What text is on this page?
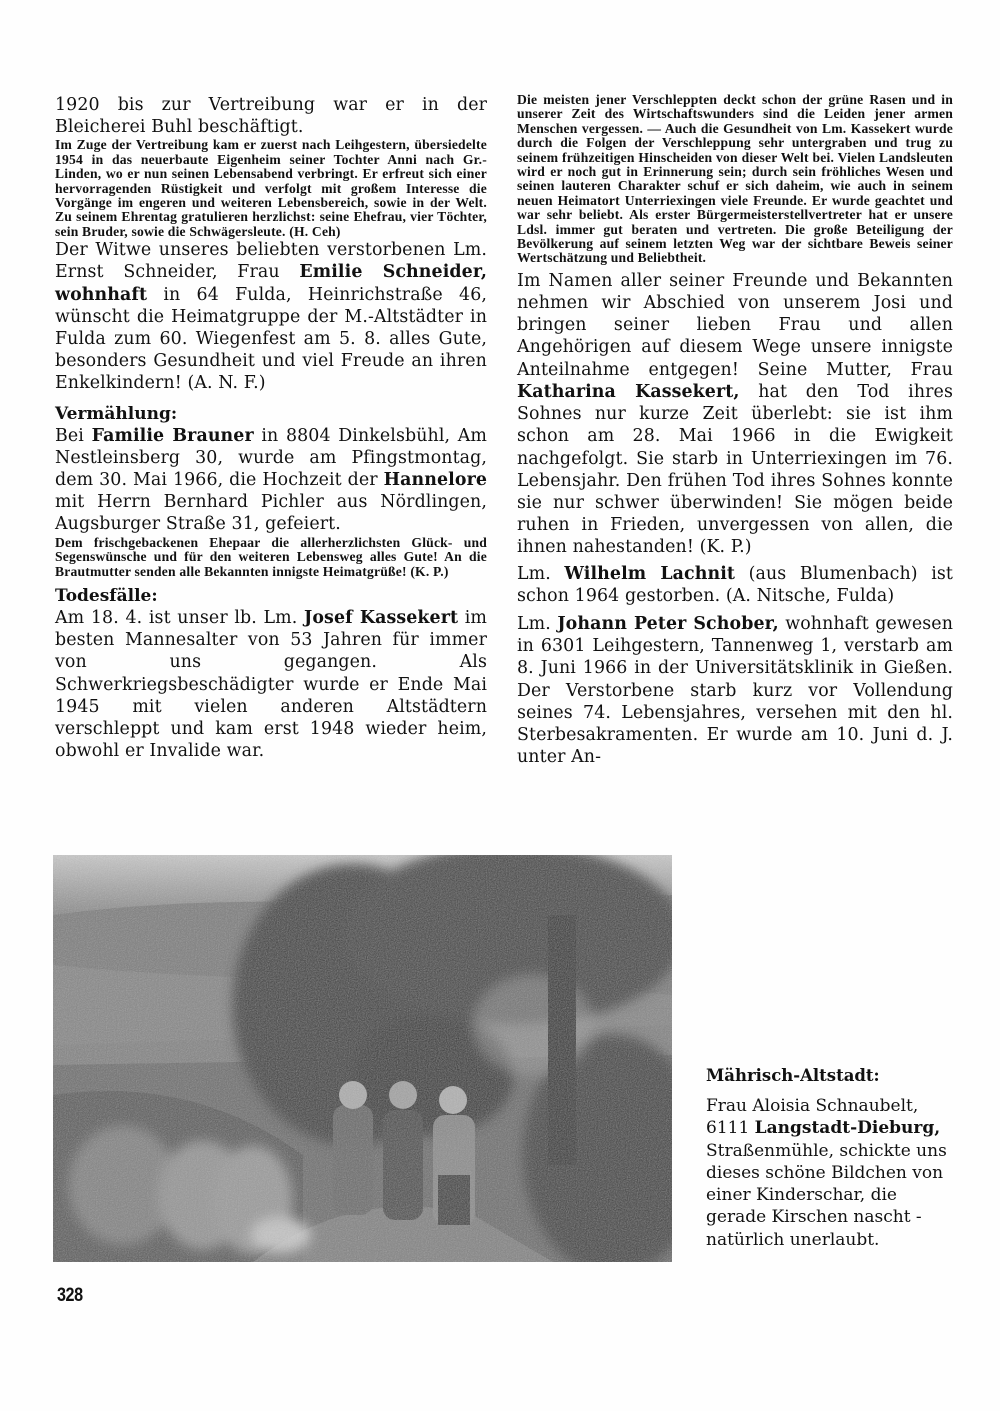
1920 bis zur Vertreibung war er in der Bleicherei Buhl beschäftigt.

Im Zuge der Vertreibung kam er zuerst nach Leihgestern, übersiedelte 1954 in das neuerbaute Eigenheim seiner Tochter Anni nach Gr.-Linden, wo er nun seinen Lebensabend verbringt. Er erfreut sich einer hervorragenden Rüstigkeit und verfolgt mit großem Interesse die Vorgänge im engeren und weiteren Lebensbereich, sowie in der Welt. Zu seinem Ehrentag gratulieren herzlichst: seine Ehefrau, vier Töchter, sein Bruder, sowie die Schwägersleute. (H. Ceh)

Der Witwe unseres beliebten verstorbenen Lm. Ernst Schneider, Frau Emilie Schneider, wohnhaft in 64 Fulda, Heinrichstraße 46, wünscht die Heimatgruppe der M.-Altstädter in Fulda zum 60. Wiegenfest am 5. 8. alles Gute, besonders Gesundheit und viel Freude an ihren Enkelkindern! (A. N. F.)

Vermählung:

Bei Familie Brauner in 8804 Dinkelsbühl, Am Nestleinsberg 30, wurde am Pfingstmontag, dem 30. Mai 1966, die Hochzeit der Hannelore mit Herrn Bernhard Pichler aus Nördlingen, Augsburger Straße 31, gefeiert.

Dem frischgebackenen Ehepaar die allerherzlichsten Glück- und Segenswünsche und für den weiteren Lebensweg alles Gute! An die Brautmutter senden alle Bekannten innigste Heimatgrüße! (K. P.)

Todesfälle:

Am 18. 4. ist unser lb. Lm. Josef Kassekert im besten Mannesalter von 53 Jahren für immer von uns gegangen. Als Schwerkriegsbeschädigter wurde er Ende Mai 1945 mit vielen anderen Altstädtern verschleppt und kam erst 1948 wieder heim, obwohl er Invalide war.

Die meisten jener Verschleppten deckt schon der grüne Rasen und in unserer Zeit des Wirtschaftswunders sind die Leiden jener armen Menschen vergessen. — Auch die Gesundheit von Lm. Kassekert wurde durch die Folgen der Verschleppung sehr untergraben und trug zu seinem frühzeitigen Hinscheiden von dieser Welt bei. Vielen Landsleuten wird er noch gut in Erinnerung sein; durch sein fröhliches Wesen und seinen lauteren Charakter schuf er sich daheim, wie auch in seinem neuen Heimatort Unterriexingen viele Freunde. Er wurde geachtet und war sehr beliebt. Als erster Bürgermeisterstellvertreter hat er unsere Ldsl. immer gut beraten und vertreten. Die große Beteiligung der Bevölkerung auf seinem letzten Weg war der sichtbare Beweis seiner Wertschätzung und Beliebtheit.

Im Namen aller seiner Freunde und Bekannten nehmen wir Abschied von unserem Josi und bringen seiner lieben Frau und allen Angehörigen auf diesem Wege unsere innigste Anteilnahme entgegen! Seine Mutter, Frau Katharina Kassekert, hat den Tod ihres Sohnes nur kurze Zeit überlebt: sie ist ihm schon am 28. Mai 1966 in die Ewigkeit nachgefolgt. Sie starb in Unterriexingen im 76. Lebensjahr. Den frühen Tod ihres Sohnes konnte sie nur schwer überwinden! Sie mögen beide ruhen in Frieden, unvergessen von allen, die ihnen nahestanden! (K. P.)

Lm. Wilhelm Lachnit (aus Blumenbach) ist schon 1964 gestorben. (A. Nitsche, Fulda)

Lm. Johann Peter Schober, wohnhaft gewesen in 6301 Leihgestern, Tannenweg 1, verstarb am 8. Juni 1966 in der Universitätsklinik in Gießen. Der Verstorbene starb kurz vor Vollendung seines 74. Lebensjahres, versehen mit den hl. Sterbesakramenten. Er wurde am 10. Juni d. J. unter An-

Mährisch-Altstadt:

Frau Aloisia Schnaubelt, 6111 Langstadt-Dieburg, Straßenmühle, schickte uns dieses schöne Bildchen von einer Kinderschar, die gerade Kirschen nascht - natürlich unerlaubt.

328
